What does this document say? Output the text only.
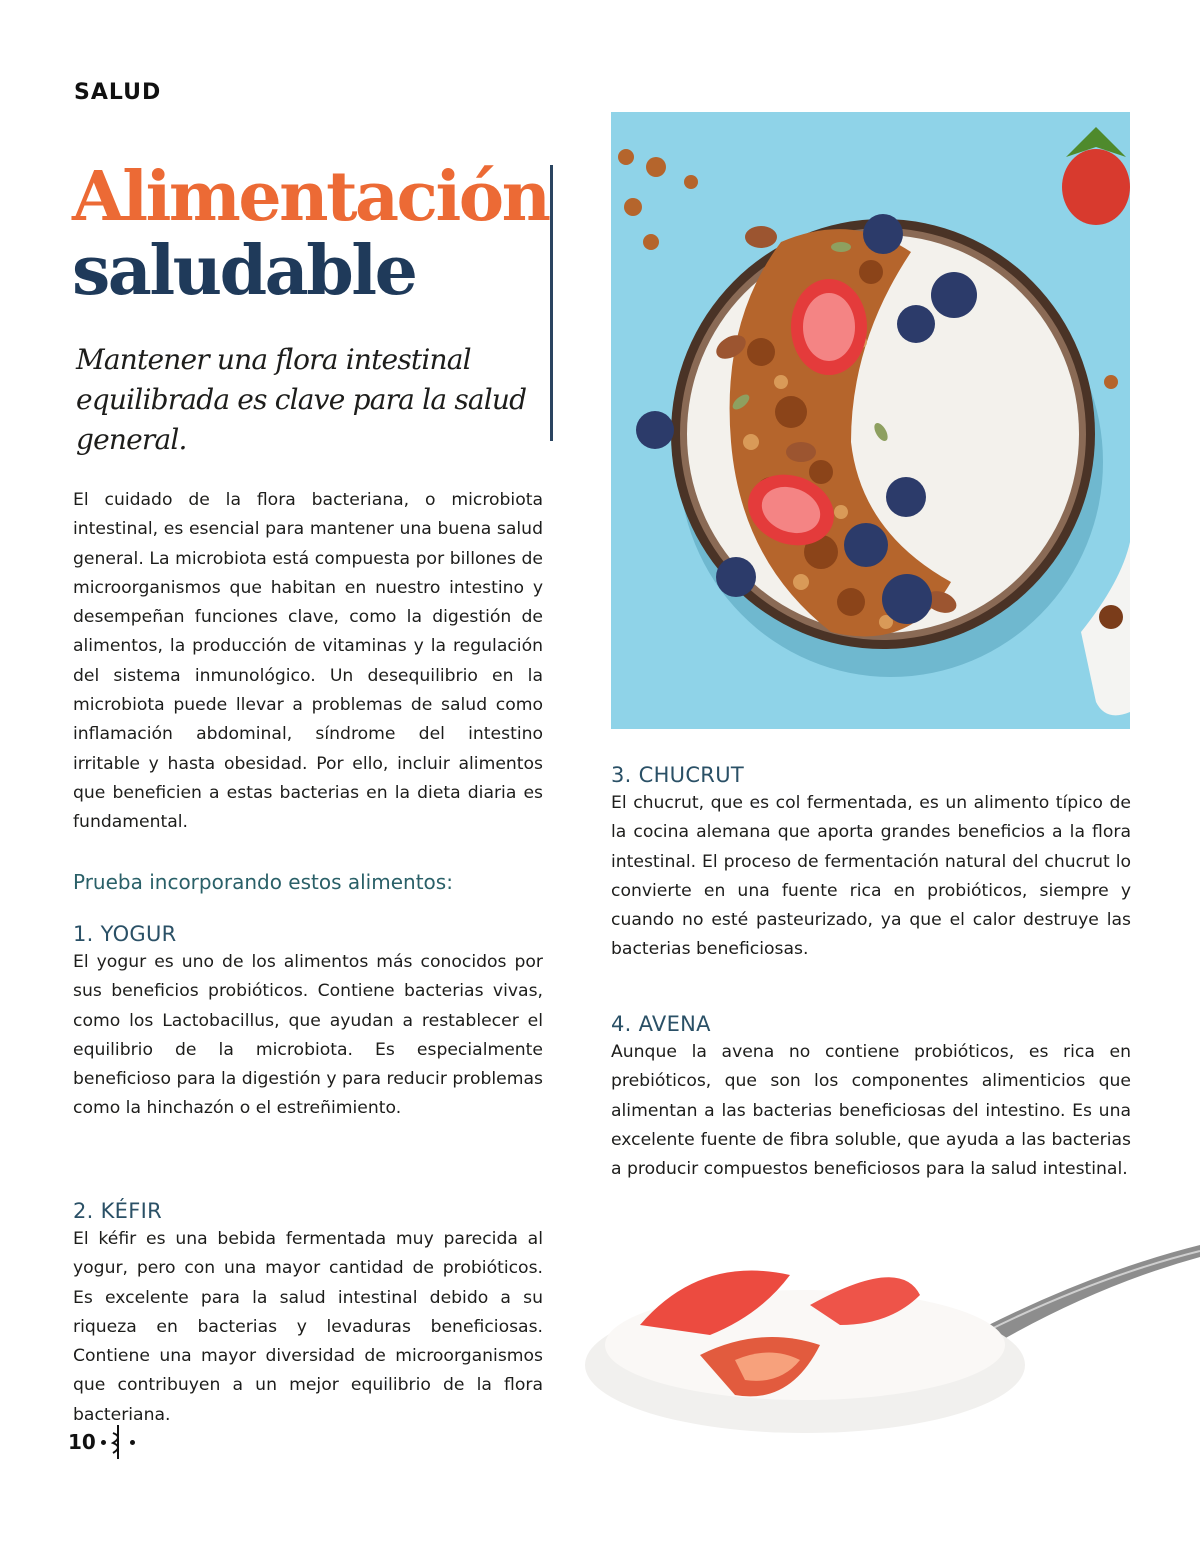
SALUD
Alimentación
saludable
Mantener una flora intestinal equilibrada es clave para la salud general.
El cuidado de la flora bacteriana, o microbiota intestinal, es esencial para mantener una buena salud general. La microbiota está compuesta por billones de microorganismos que habitan en nuestro intestino y desempeñan funciones clave, como la digestión de alimentos, la producción de vitaminas y la regulación del sistema inmunológico. Un desequilibrio en la microbiota puede llevar a problemas de salud como inflamación abdominal, síndrome del intestino irritable y hasta obesidad. Por ello, incluir alimentos que beneficien a estas bacterias en la dieta diaria es fundamental.
Prueba incorporando estos alimentos:
1. YOGUR
El yogur es uno de los alimentos más conocidos por sus beneficios probióticos. Contiene bacterias vivas, como los Lactobacillus, que ayudan a restablecer el equilibrio de la microbiota. Es especialmente beneficioso para la digestión y para reducir problemas como la hinchazón o el estreñimiento.
2. KÉFIR
El kéfir es una bebida fermentada muy parecida al yogur, pero con una mayor cantidad de probióticos. Es excelente para la salud intestinal debido a su riqueza en bacterias y levaduras beneficiosas. Contiene una mayor diversidad de microorganismos que contribuyen a un mejor equilibrio de la flora bacteriana.
3. CHUCRUT
El chucrut, que es col fermentada, es un alimento típico de la cocina alemana que aporta grandes beneficios a la flora intestinal. El proceso de fermentación natural del chucrut lo convierte en una fuente rica en probióticos, siempre y cuando no esté pasteurizado, ya que el calor destruye las bacterias beneficiosas.
4. AVENA
Aunque la avena no contiene probióticos, es rica en prebióticos, que son los componentes alimenticios que alimentan a las bacterias beneficiosas del intestino. Es una excelente fuente de fibra soluble, que ayuda a las bacterias a producir compuestos beneficiosos para la salud intestinal.
10
